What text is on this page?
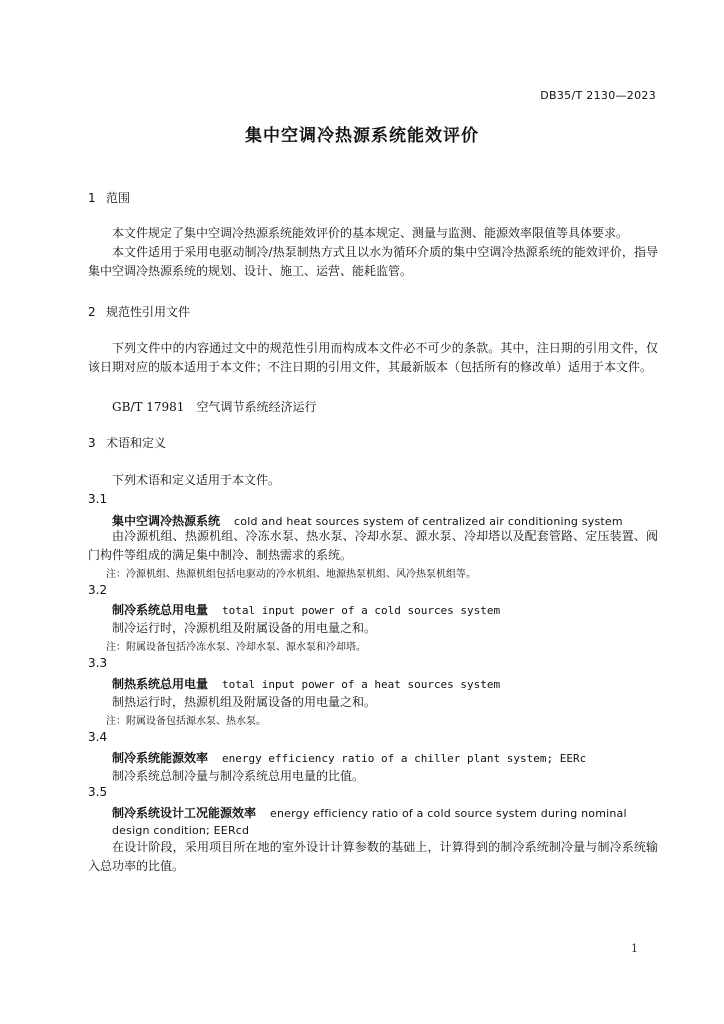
DB35/T 2130—2023
集中空调冷热源系统能效评价
1 范围

本文件规定了集中空调冷热源系统能效评价的基本规定、测量与监测、能源效率限值等具体要求。

本文件适用于采用电驱动制冷/热泵制热方式且以水为循环介质的集中空调冷热源系统的能效评价，指导集中空调冷热源系统的规划、设计、施工、运营、能耗监管。

2 规范性引用文件

下列文件中的内容通过文中的规范性引用而构成本文件必不可少的条款。其中，注日期的引用文件，仅该日期对应的版本适用于本文件；不注日期的引用文件，其最新版本（包括所有的修改单）适用于本文件。

GB/T 17981　空气调节系统经济运行
3 术语和定义
下列术语和定义适用于本文件。
3.1
集中空调冷热源系统 cold and heat sources system of centralized air conditioning system

由冷源机组、热源机组、冷冻水泵、热水泵、冷却水泵、源水泵、冷却塔以及配套管路、定压装置、阀门构件等组成的满足集中制冷、制热需求的系统。

注：冷源机组、热源机组包括电驱动的冷水机组、地源热泵机组、风冷热泵机组等。
3.2
制冷系统总用电量 total input power of a cold sources system
制冷运行时，冷源机组及附属设备的用电量之和。
注：附属设备包括冷冻水泵、冷却水泵、源水泵和冷却塔。
3.3
制热系统总用电量 total input power of a heat sources system
制热运行时，热源机组及附属设备的用电量之和。
注：附属设备包括源水泵、热水泵。
3.4
制冷系统能源效率 energy efficiency ratio of a chiller plant system; EERc
制冷系统总制冷量与制冷系统总用电量的比值。
3.5
制冷系统设计工况能源效率 energy efficiency ratio of a cold source system during nominal
design condition; EERcd

在设计阶段，采用项目所在地的室外设计计算参数的基础上，计算得到的制冷系统制冷量与制冷系统输入总功率的比值。

1
